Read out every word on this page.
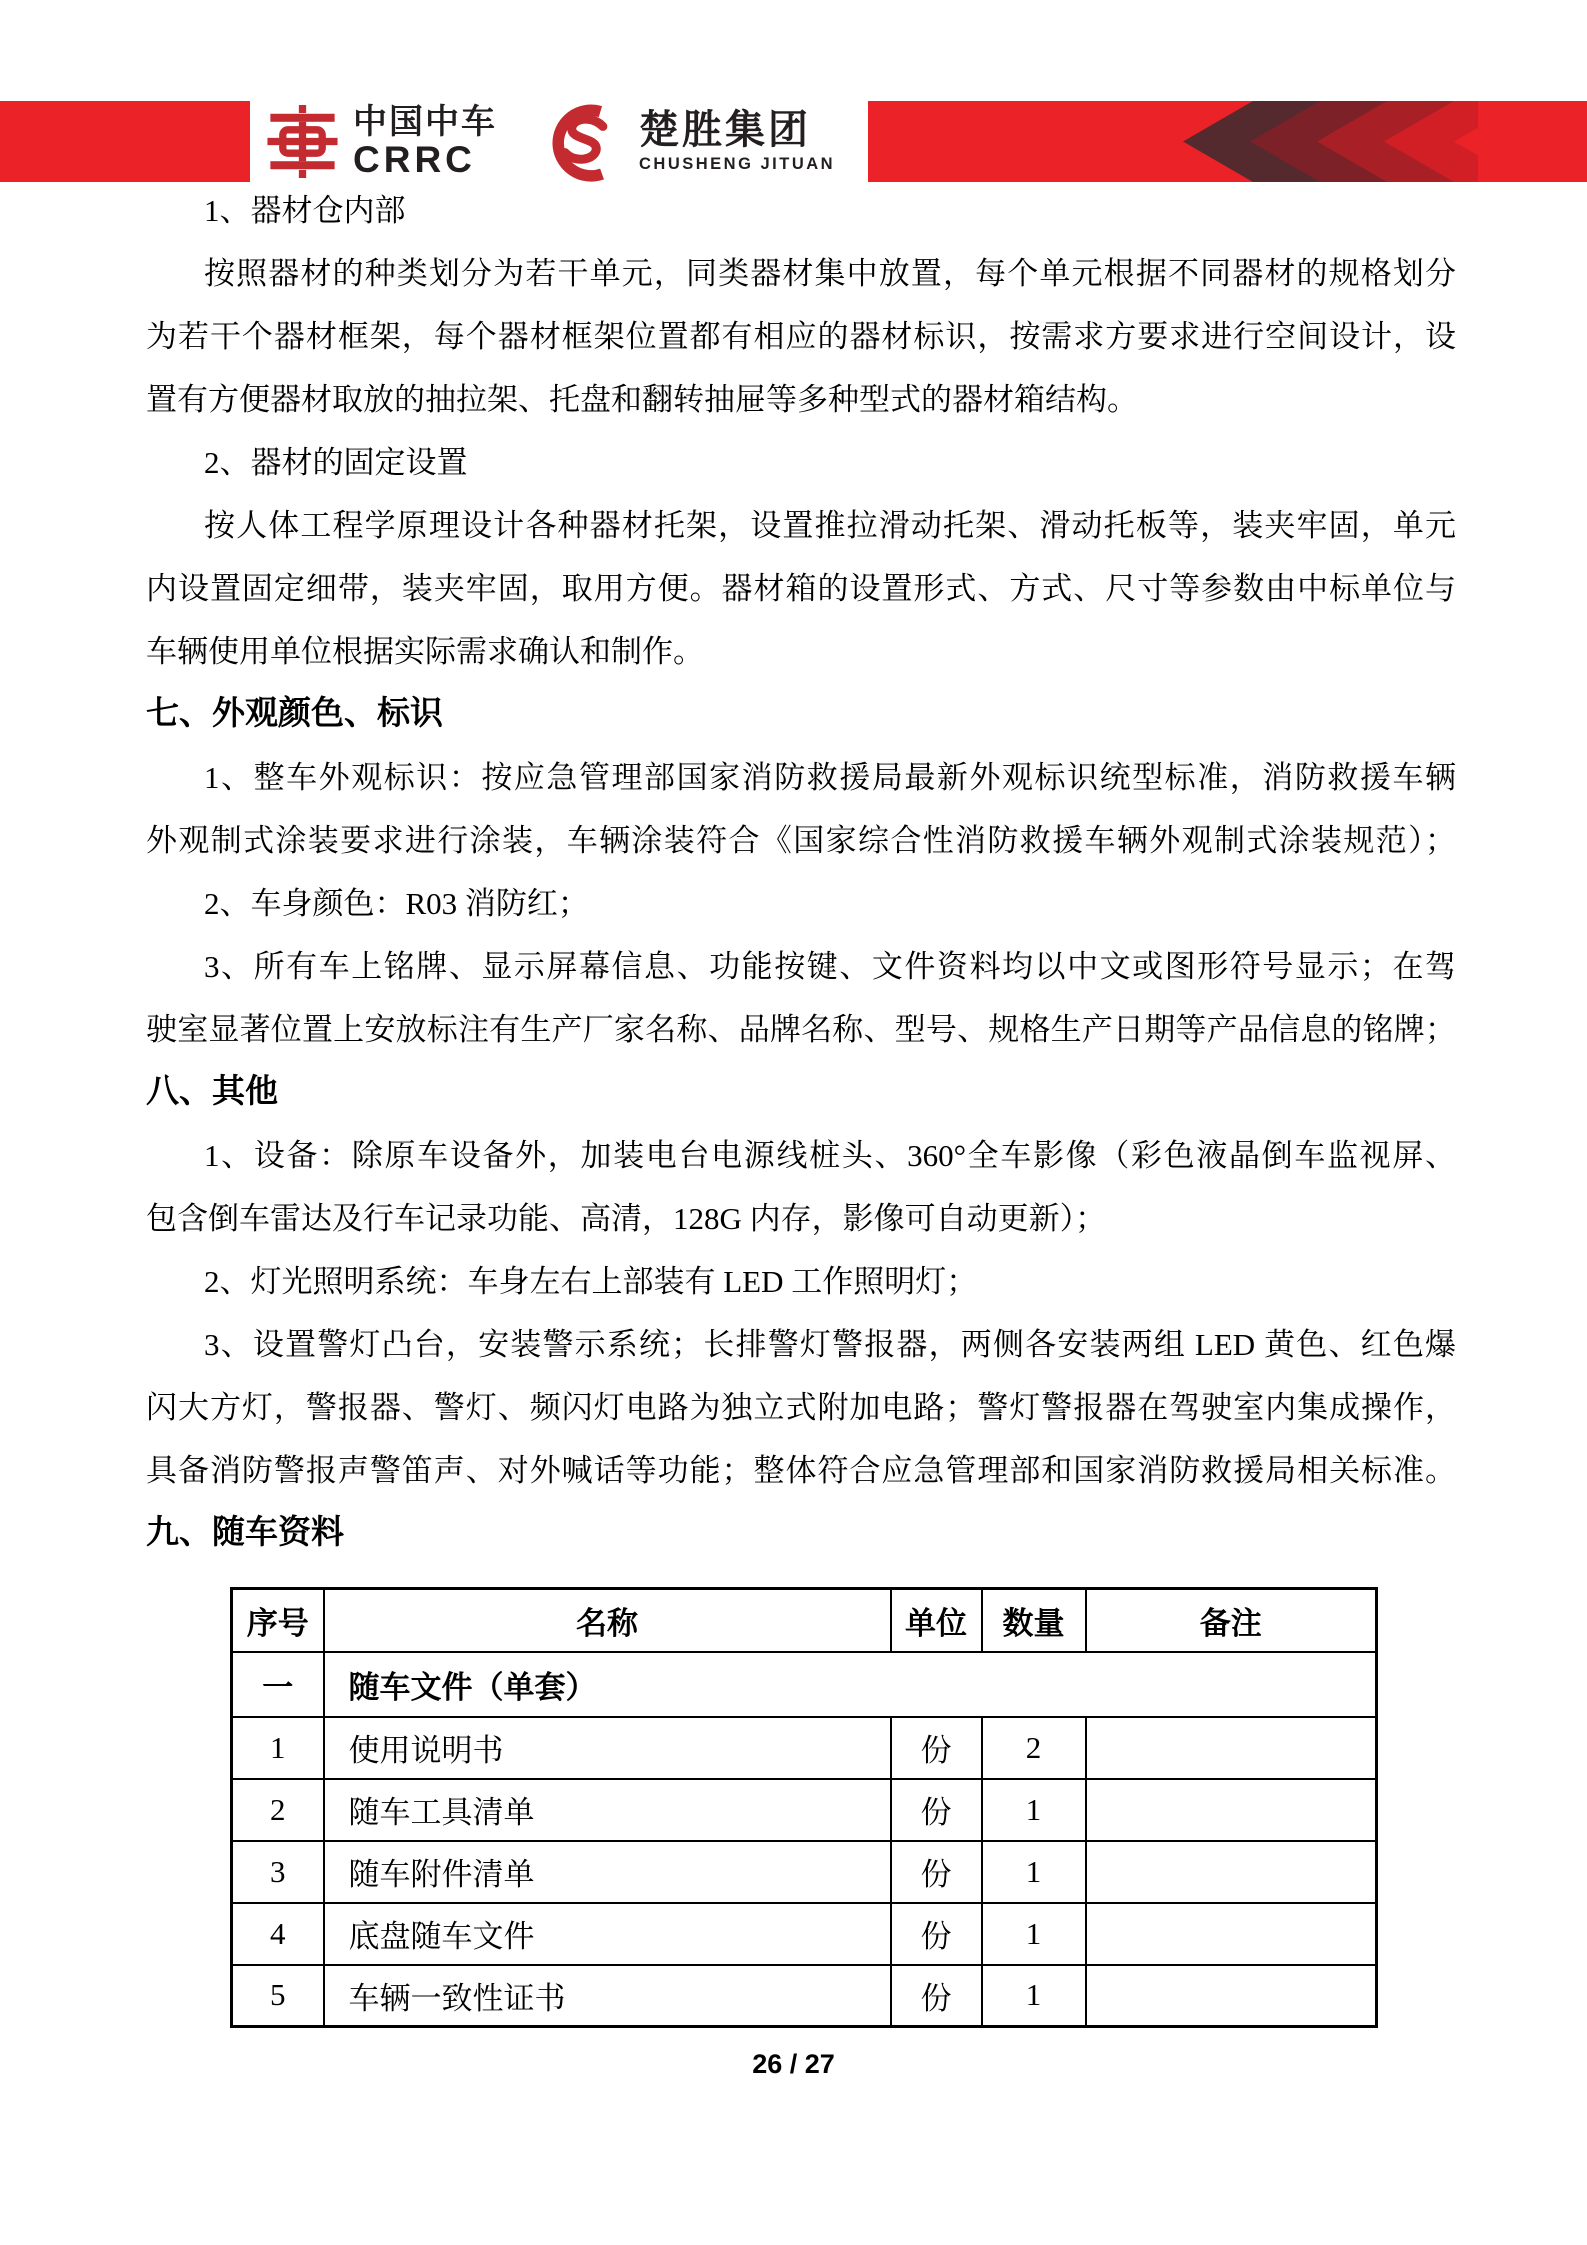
中国中车
CRRC
楚胜集团
CHUSHENG JITUAN
1、器材仓内部
按照器材的种类划分为若干单元，同类器材集中放置，每个单元根据不同器材的规格划分
为若干个器材框架，每个器材框架位置都有相应的器材标识，按需求方要求进行空间设计，设
置有方便器材取放的抽拉架、托盘和翻转抽屉等多种型式的器材箱结构。
2、器材的固定设置
按人体工程学原理设计各种器材托架，设置推拉滑动托架、滑动托板等，装夹牢固，单元
内设置固定细带，装夹牢固，取用方便。器材箱的设置形式、方式、尺寸等参数由中标单位与
车辆使用单位根据实际需求确认和制作。
七、外观颜色、标识
1、整车外观标识：按应急管理部国家消防救援局最新外观标识统型标准，消防救援车辆
外观制式涂装要求进行涂装，车辆涂装符合《国家综合性消防救援车辆外观制式涂装规范）；
2、车身颜色：R03 消防红；
3、所有车上铭牌、显示屏幕信息、功能按键、文件资料均以中文或图形符号显示；在驾
驶室显著位置上安放标注有生产厂家名称、品牌名称、型号、规格生产日期等产品信息的铭牌；
八、其他
1、设备：除原车设备外，加装电台电源线桩头、360°全车影像（彩色液晶倒车监视屏、
包含倒车雷达及行车记录功能、高清，128G 内存，影像可自动更新）；
2、灯光照明系统：车身左右上部装有 LED 工作照明灯；
3、设置警灯凸台，安装警示系统；长排警灯警报器，两侧各安装两组 LED 黄色、红色爆
闪大方灯，警报器、警灯、频闪灯电路为独立式附加电路；警灯警报器在驾驶室内集成操作，
具备消防警报声警笛声、对外喊话等功能；整体符合应急管理部和国家消防救援局相关标准。
九、随车资料
序号	名称	单位	数量	备注
一	随车文件（单套）			
1	使用说明书	份	2	
2	随车工具清单	份	1	
3	随车附件清单	份	1	
4	底盘随车文件	份	1	
5	车辆一致性证书	份	1	
26 / 27
